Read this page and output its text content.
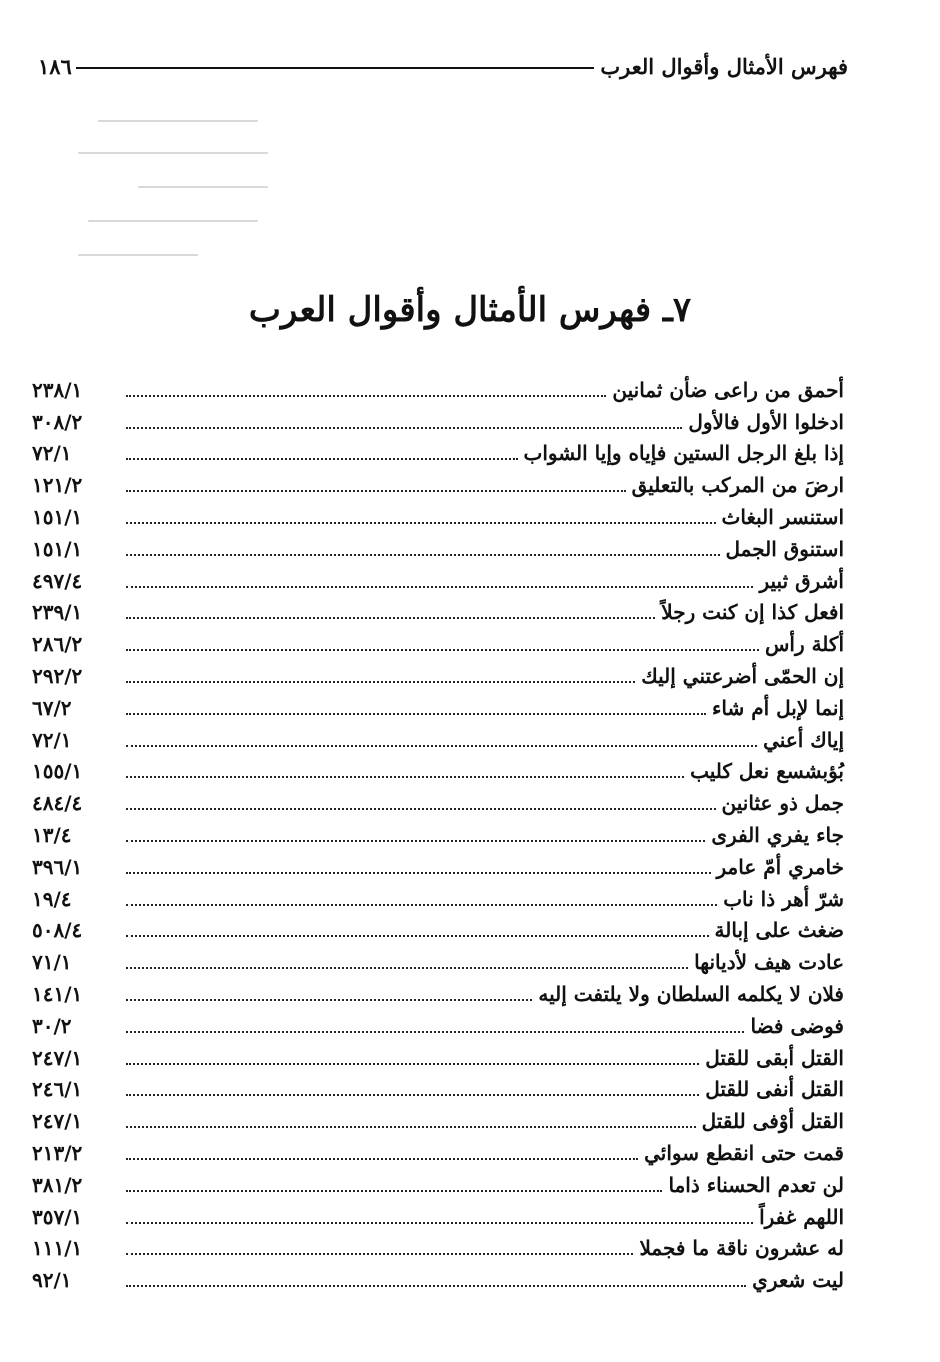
فهرس الأمثال وأقوال العرب
١٨٦
٧ـ فهرس الأمثال وأقوال العرب
أحمق من راعى ضأن ثمانين
٢٣٨/١
ادخلوا الأول فالأول
٣٠٨/٢
إذا بلغ الرجل الستين فإياه وإيا الشواب
٧٢/١
ارضَ من المركب بالتعليق
١٢١/٢
استنسر البغاث
١٥١/١
استنوق الجمل
١٥١/١
أشرق ثبير
٤٩٧/٤
افعل كذا إن كنت رجلاً
٢٣٩/١
أكلة رأس
٢٨٦/٢
إن الحمّى أضرعتني إليك
٢٩٢/٢
إنما لإبل أم شاء
٦٧/٢
إياك أعني
٧٢/١
بُؤبشسع نعل كليب
١٥٥/١
جمل ذو عثانين
٤٨٤/٤
جاء يفري الفرى
١٣/٤
خامري أمّ عامر
٣٩٦/١
شرّ أهر ذا ناب
١٩/٤
ضغث على إبالة
٥٠٨/٤
عادت هيف لأديانها
٧١/١
فلان لا يكلمه السلطان ولا يلتفت إليه
١٤١/١
فوضى فضا
٣٠/٢
القتل أبقى للقتل
٢٤٧/١
القتل أنفى للقتل
٢٤٦/١
القتل أوْفى للقتل
٢٤٧/١
قمت حتى انقطع سوائي
٢١٣/٢
لن تعدم الحسناء ذاما
٣٨١/٢
اللهم غفراً
٣٥٧/١
له عشرون ناقة ما فجملا
١١١/١
ليت شعري
٩٢/١
